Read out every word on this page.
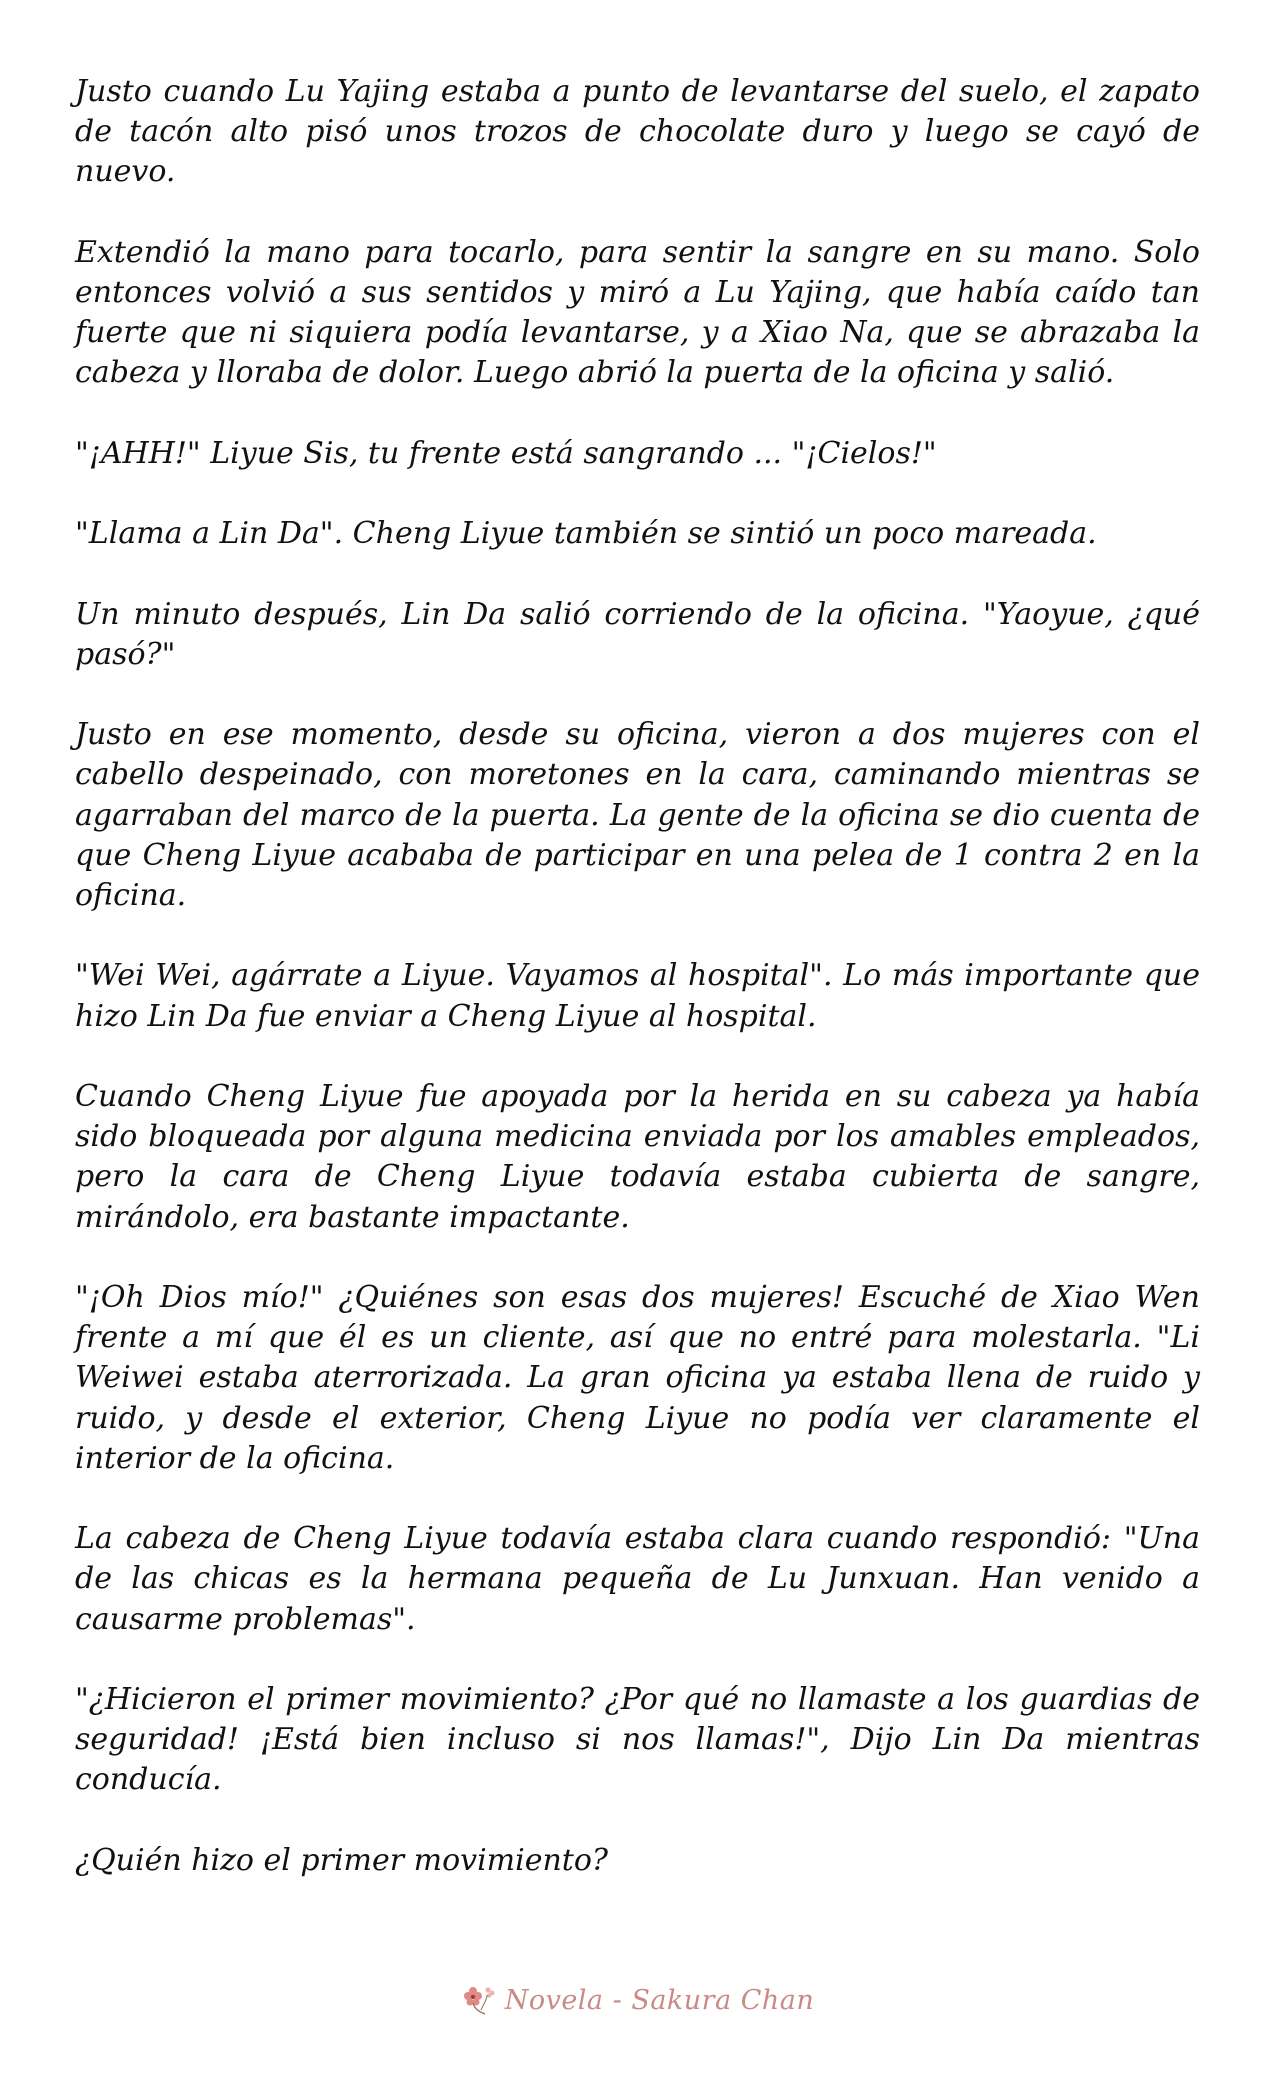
Justo cuando Lu Yajing estaba a punto de levantarse del suelo, el zapato de tacón alto pisó unos trozos de chocolate duro y luego se cayó de nuevo.

Extendió la mano para tocarlo, para sentir la sangre en su mano. Solo entonces volvió a sus sentidos y miró a Lu Yajing, que había caído tan fuerte que ni siquiera podía levantarse, y a Xiao Na, que se abrazaba la cabeza y lloraba de dolor. Luego abrió la puerta de la oficina y salió.

"¡AHH!" Liyue Sis, tu frente está sangrando ... "¡Cielos!"

"Llama a Lin Da". Cheng Liyue también se sintió un poco mareada.

Un minuto después, Lin Da salió corriendo de la oficina. "Yaoyue, ¿qué pasó?"

Justo en ese momento, desde su oficina, vieron a dos mujeres con el cabello despeinado, con moretones en la cara, caminando mientras se agarraban del marco de la puerta. La gente de la oficina se dio cuenta de que Cheng Liyue acababa de participar en una pelea de 1 contra 2 en la oficina.

"Wei Wei, agárrate a Liyue. Vayamos al hospital". Lo más importante que hizo Lin Da fue enviar a Cheng Liyue al hospital.

Cuando Cheng Liyue fue apoyada por la herida en su cabeza ya había sido bloqueada por alguna medicina enviada por los amables empleados, pero la cara de Cheng Liyue todavía estaba cubierta de sangre, mirándolo, era bastante impactante.

"¡Oh Dios mío!" ¿Quiénes son esas dos mujeres! Escuché de Xiao Wen frente a mí que él es un cliente, así que no entré para molestarla. "Li Weiwei estaba aterrorizada. La gran oficina ya estaba llena de ruido y ruido, y desde el exterior, Cheng Liyue no podía ver claramente el interior de la oficina.

La cabeza de Cheng Liyue todavía estaba clara cuando respondió: "Una de las chicas es la hermana pequeña de Lu Junxuan. Han venido a causarme problemas".

"¿Hicieron el primer movimiento? ¿Por qué no llamaste a los guardias de seguridad! ¡Está bien incluso si nos llamas!", Dijo Lin Da mientras conducía.

¿Quién hizo el primer movimiento?

Novela - Sakura Chan
